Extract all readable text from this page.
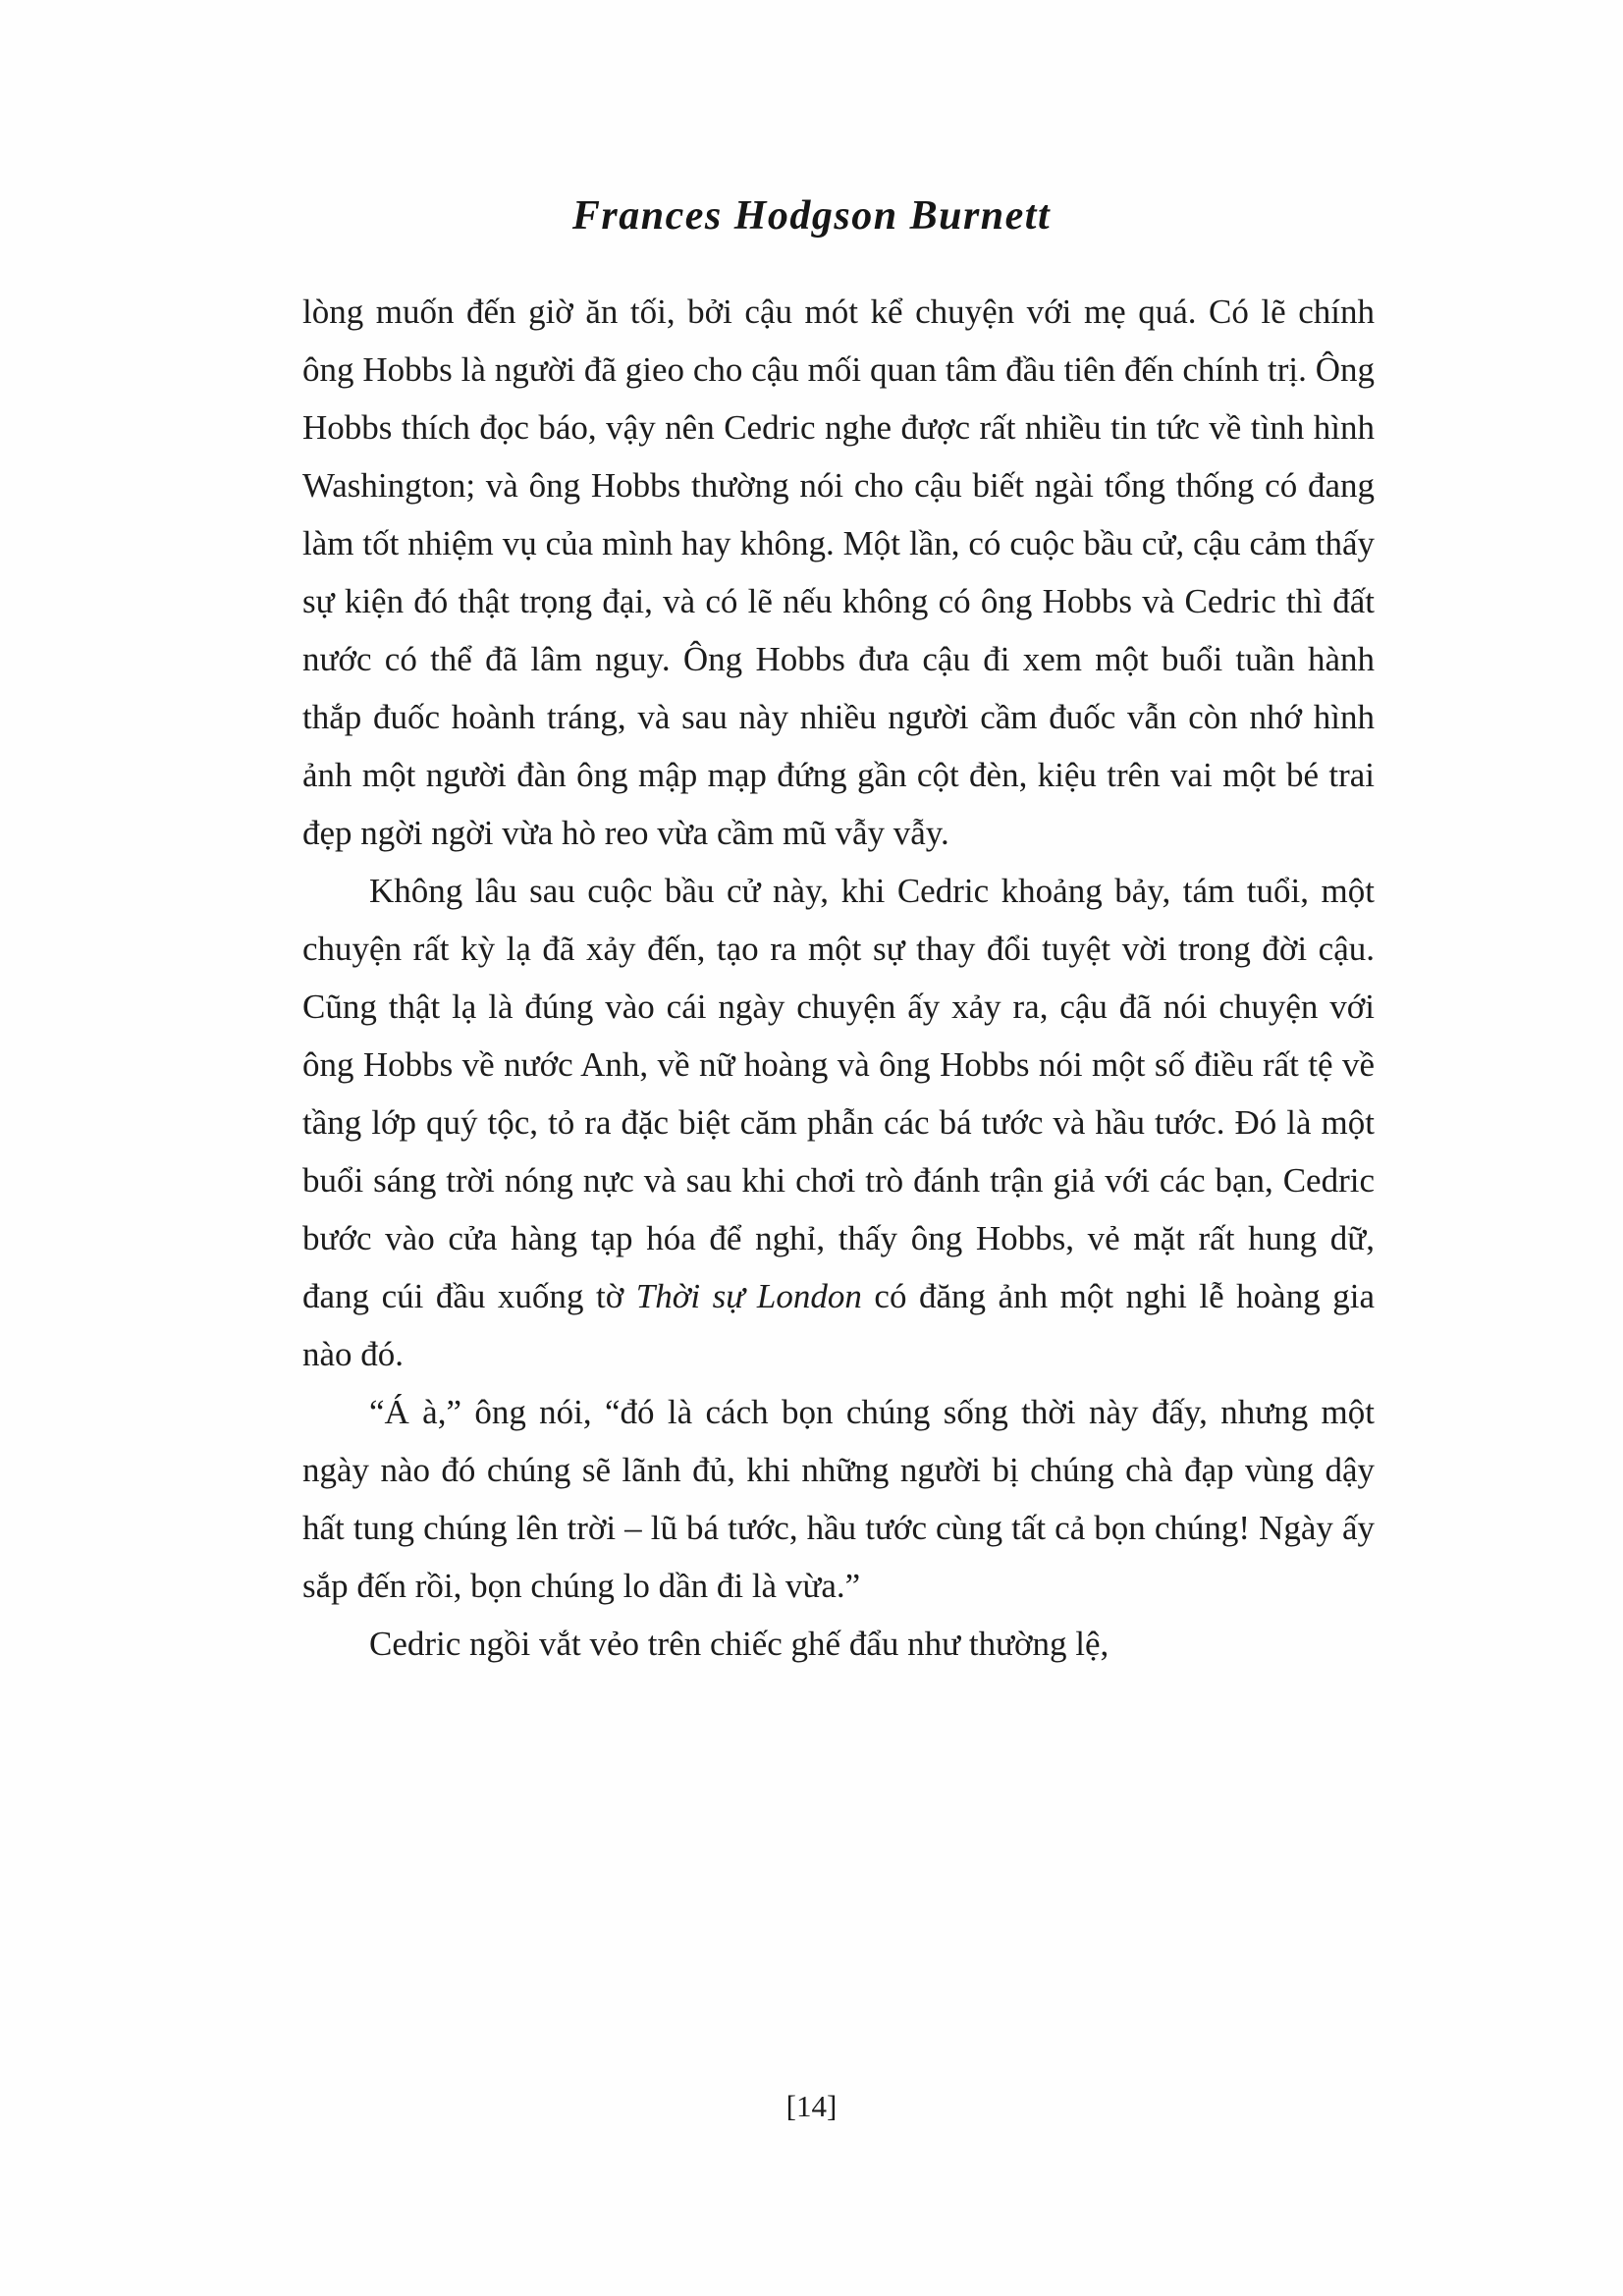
Frances Hodgson Burnett

lòng muốn đến giờ ăn tối, bởi cậu mót kể chuyện với mẹ quá. Có lẽ chính ông Hobbs là người đã gieo cho cậu mối quan tâm đầu tiên đến chính trị. Ông Hobbs thích đọc báo, vậy nên Cedric nghe được rất nhiều tin tức về tình hình Washington; và ông Hobbs thường nói cho cậu biết ngài tổng thống có đang làm tốt nhiệm vụ của mình hay không. Một lần, có cuộc bầu cử, cậu cảm thấy sự kiện đó thật trọng đại, và có lẽ nếu không có ông Hobbs và Cedric thì đất nước có thể đã lâm nguy. Ông Hobbs đưa cậu đi xem một buổi tuần hành thắp đuốc hoành tráng, và sau này nhiều người cầm đuốc vẫn còn nhớ hình ảnh một người đàn ông mập mạp đứng gần cột đèn, kiệu trên vai một bé trai đẹp ngời ngời vừa hò reo vừa cầm mũ vẫy vẫy.

Không lâu sau cuộc bầu cử này, khi Cedric khoảng bảy, tám tuổi, một chuyện rất kỳ lạ đã xảy đến, tạo ra một sự thay đổi tuyệt vời trong đời cậu. Cũng thật lạ là đúng vào cái ngày chuyện ấy xảy ra, cậu đã nói chuyện với ông Hobbs về nước Anh, về nữ hoàng và ông Hobbs nói một số điều rất tệ về tầng lớp quý tộc, tỏ ra đặc biệt căm phẫn các bá tước và hầu tước. Đó là một buổi sáng trời nóng nực và sau khi chơi trò đánh trận giả với các bạn, Cedric bước vào cửa hàng tạp hóa để nghỉ, thấy ông Hobbs, vẻ mặt rất hung dữ, đang cúi đầu xuống tờ Thời sự London có đăng ảnh một nghi lễ hoàng gia nào đó.

“Á à,” ông nói, “đó là cách bọn chúng sống thời này đấy, nhưng một ngày nào đó chúng sẽ lãnh đủ, khi những người bị chúng chà đạp vùng dậy hất tung chúng lên trời – lũ bá tước, hầu tước cùng tất cả bọn chúng! Ngày ấy sắp đến rồi, bọn chúng lo dần đi là vừa.”

Cedric ngồi vắt vẻo trên chiếc ghế đẩu như thường lệ,

[14]
